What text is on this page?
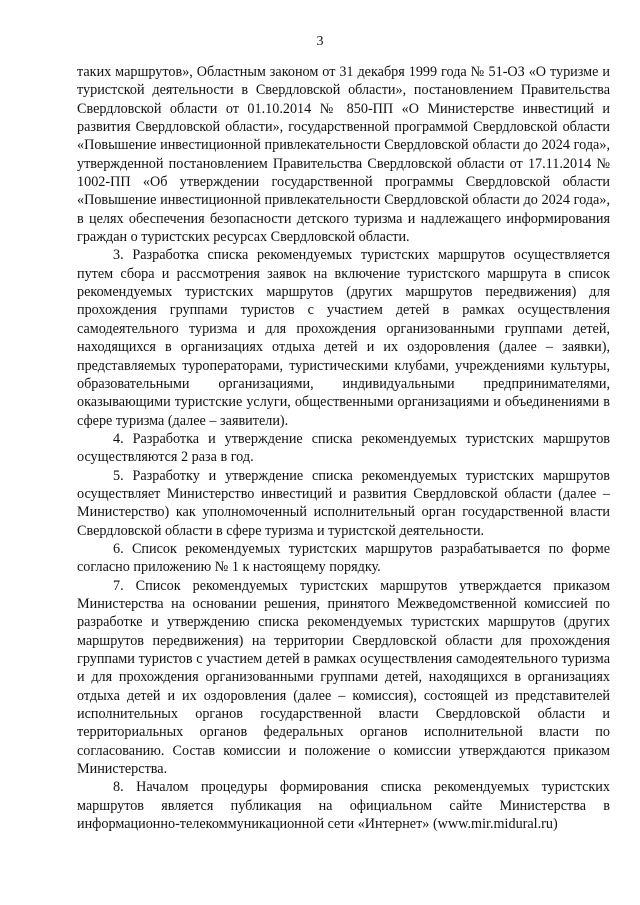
3

таких маршрутов», Областным законом от 31 декабря 1999 года № 51-ОЗ «О туризме и туристской деятельности в Свердловской области», постановлением Правительства Свердловской области от 01.10.2014 № 850-ПП «О Министерстве инвестиций и развития Свердловской области», государственной программой Свердловской области «Повышение инвестиционной привлекательности Свердловской области до 2024 года», утвержденной постановлением Правительства Свердловской области от 17.11.2014 № 1002-ПП «Об утверждении государственной программы Свердловской области «Повышение инвестиционной привлекательности Свердловской области до 2024 года», в целях обеспечения безопасности детского туризма и надлежащего информирования граждан о туристских ресурсах Свердловской области.

3. Разработка списка рекомендуемых туристских маршрутов осуществляется путем сбора и рассмотрения заявок на включение туристского маршрута в список рекомендуемых туристских маршрутов (других маршрутов передвижения) для прохождения группами туристов с участием детей в рамках осуществления самодеятельного туризма и для прохождения организованными группами детей, находящихся в организациях отдыха детей и их оздоровления (далее – заявки), представляемых туроператорами, туристическими клубами, учреждениями культуры, образовательными организациями, индивидуальными предпринимателями, оказывающими туристские услуги, общественными организациями и объединениями в сфере туризма (далее – заявители).

4. Разработка и утверждение списка рекомендуемых туристских маршрутов осуществляются 2 раза в год.

5. Разработку и утверждение списка рекомендуемых туристских маршрутов осуществляет Министерство инвестиций и развития Свердловской области (далее – Министерство) как уполномоченный исполнительный орган государственной власти Свердловской области в сфере туризма и туристской деятельности.

6. Список рекомендуемых туристских маршрутов разрабатывается по форме согласно приложению № 1 к настоящему порядку.

7. Список рекомендуемых туристских маршрутов утверждается приказом Министерства на основании решения, принятого Межведомственной комиссией по разработке и утверждению списка рекомендуемых туристских маршрутов (других маршрутов передвижения) на территории Свердловской области для прохождения группами туристов с участием детей в рамках осуществления самодеятельного туризма и для прохождения организованными группами детей, находящихся в организациях отдыха детей и их оздоровления (далее – комиссия), состоящей из представителей исполнительных органов государственной власти Свердловской области и территориальных органов федеральных органов исполнительной власти по согласованию. Состав комиссии и положение о комиссии утверждаются приказом Министерства.

8. Началом процедуры формирования списка рекомендуемых туристских маршрутов является публикация на официальном сайте Министерства в информационно-телекоммуникационной сети «Интернет» (www.mir.midural.ru)
